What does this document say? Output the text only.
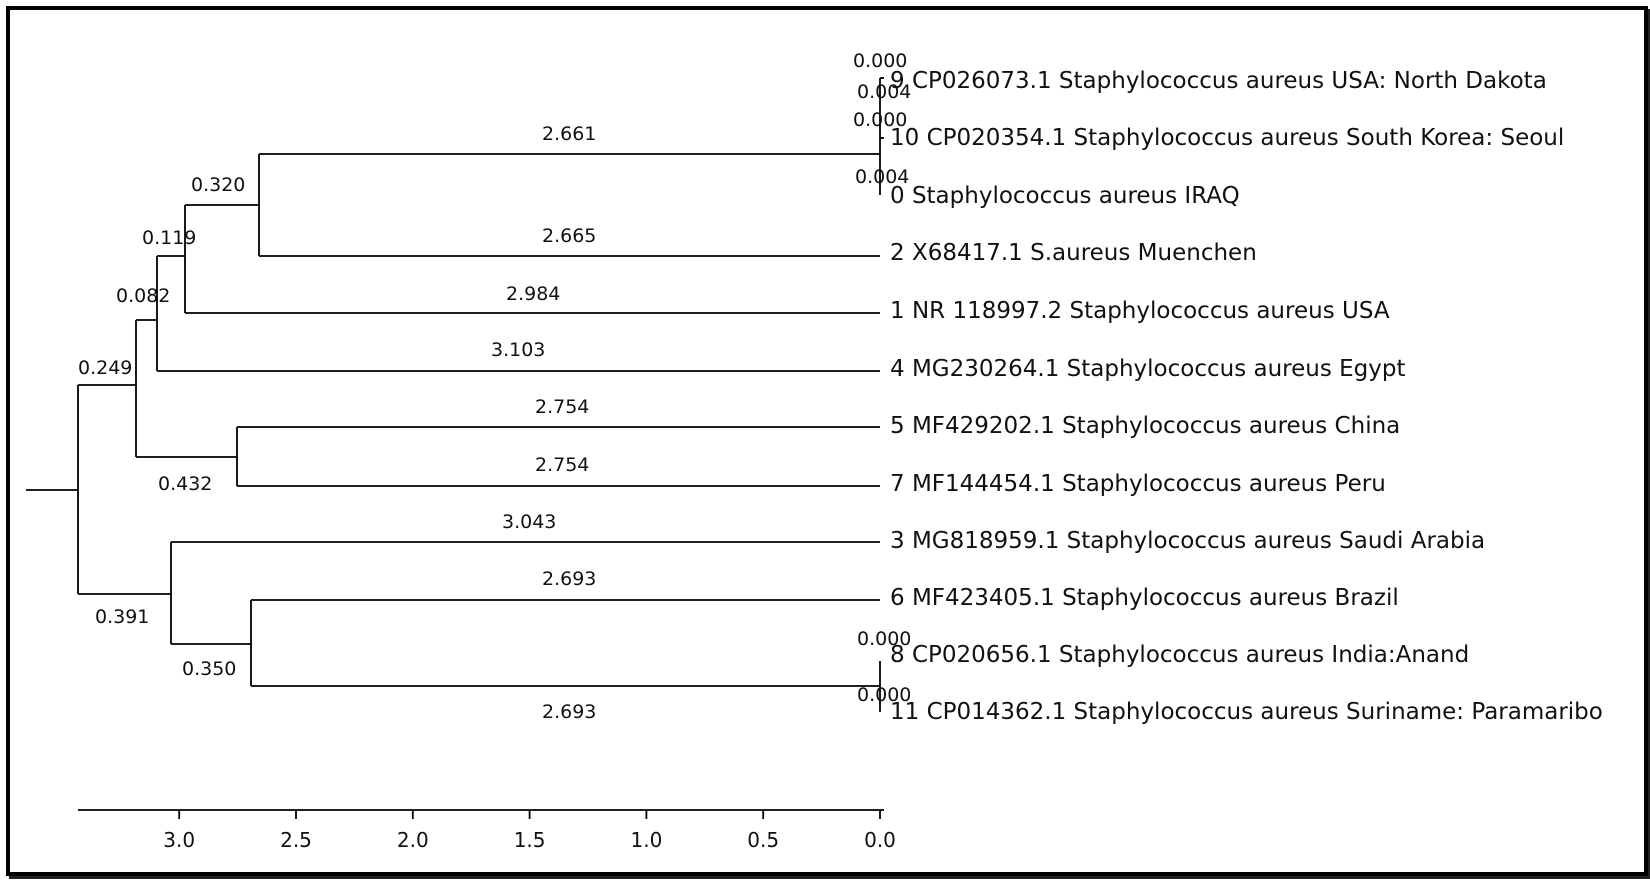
9 CP026073.1 Staphylococcus aureus USA: North Dakota
10 CP020354.1 Staphylococcus aureus South Korea: Seoul
0 Staphylococcus aureus IRAQ
2 X68417.1 S.aureus Muenchen
1 NR 118997.2 Staphylococcus aureus USA
4 MG230264.1 Staphylococcus aureus Egypt
5 MF429202.1 Staphylococcus aureus China
7 MF144454.1 Staphylococcus aureus Peru
3 MG818959.1 Staphylococcus aureus Saudi Arabia
6 MF423405.1 Staphylococcus aureus Brazil
8 CP020656.1 Staphylococcus aureus India:Anand
11 CP014362.1 Staphylococcus aureus Suriname: Paramaribo
0.000
0.004
0.000
0.004
2.661
2.665
0.320
2.984
0.119
3.103
0.082
2.754
2.754
0.432
0.249
3.043
2.693
0.000
0.000
2.693
0.350
0.391
3.0	2.5	2.0	1.5	1.0	0.5	0.0
